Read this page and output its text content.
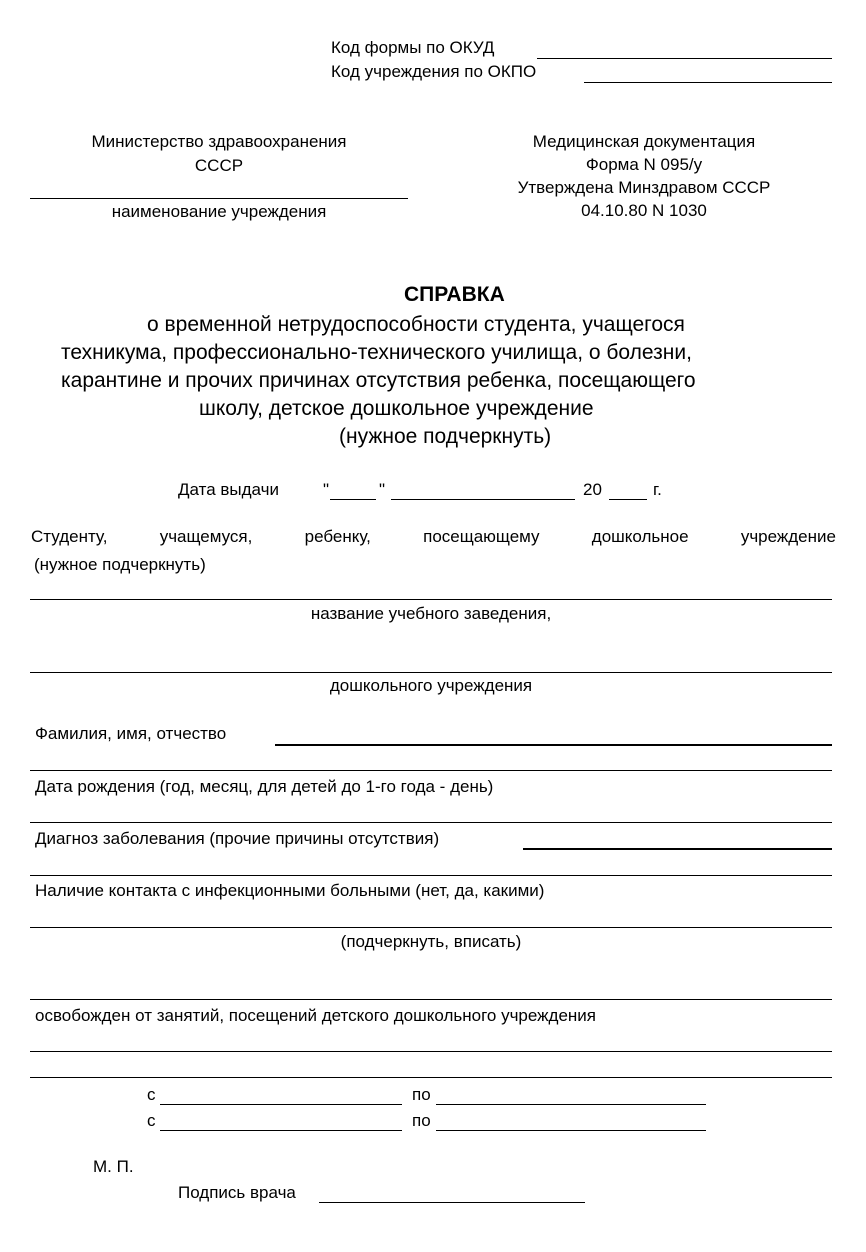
Код формы по ОКУД
Код учреждения по ОКПО
Министерство здравоохранения
СССР
наименование учреждения
Медицинская документация
Форма N 095/у
Утверждена Минздравом СССР
04.10.80 N 1030
СПРАВКА
о временной нетрудоспособности студента, учащегося
техникума, профессионально-технического училища, о болезни,
карантине и прочих причинах отсутствия ребенка, посещающего
школу, детское дошкольное учреждение
(нужное подчеркнуть)
Дата выдачи	"	"	20	г.
Студенту,	учащемуся,	ребенку,	посещающему	дошкольное	учреждение
(нужное подчеркнуть)
название учебного заведения,
дошкольного учреждения
Фамилия, имя, отчество
Дата рождения (год, месяц, для детей до 1-го года - день)
Диагноз заболевания (прочие причины отсутствия)
Наличие контакта с инфекционными больными (нет, да, какими)
(подчеркнуть, вписать)
освобожден от занятий, посещений детского дошкольного учреждения
с	по
с	по
М. П.
Подпись врача
